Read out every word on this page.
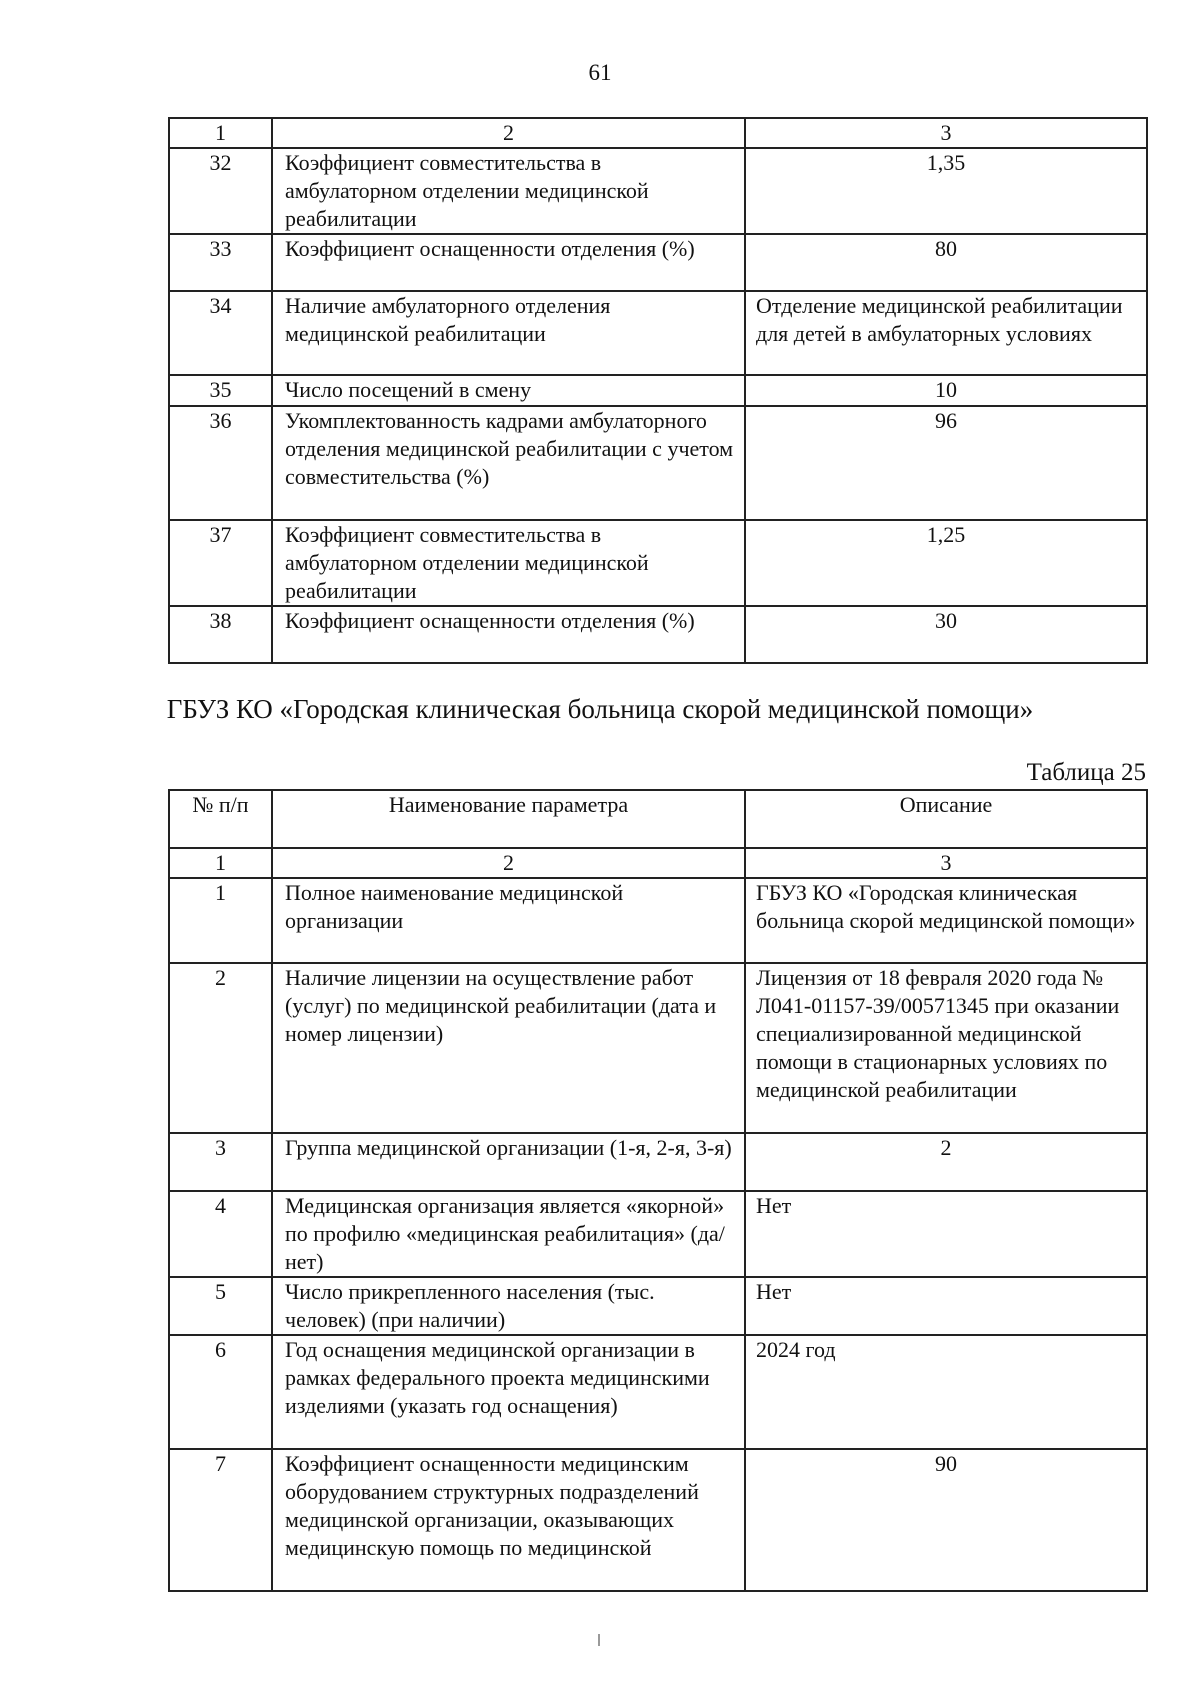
61
1	2	3
32	Коэффициент совместительства в амбулаторном отделении медицинской реабилитации	1,35
33	Коэффициент оснащенности отделения (%)	80
34	Наличие амбулаторного отделения медицинской реабилитации	Отделение медицинской реабилитации для детей в амбулаторных условиях
35	Число посещений в смену	10
36	Укомплектованность кадрами амбулаторного отделения медицинской реабилитации с учетом совместительства (%)	96
37	Коэффициент совместительства в амбулаторном отделении медицинской реабилитации	1,25
38	Коэффициент оснащенности отделения (%)	30
ГБУЗ КО «Городская клиническая больница скорой медицинской помощи»
Таблица 25
№ п/п	Наименование параметра	Описание
1	2	3
1	Полное наименование медицинской организации	ГБУЗ КО «Городская клиническая больница скорой медицинской помощи»
2	Наличие лицензии на осуществление работ (услуг) по медицинской реабилитации (дата и номер лицензии)	Лицензия от 18 февраля 2020 года № Л041-01157-39/00571345 при оказании специализированной медицинской помощи в стационарных условиях по медицинской реабилитации
3	Группа медицинской организации (1-я, 2-я, 3-я)	2
4	Медицинская организация является «якорной» по профилю «медицинская реабилитация» (да/нет)	Нет
5	Число прикрепленного населения (тыс. человек) (при наличии)	Нет
6	Год оснащения медицинской организации в рамках федерального проекта медицинскими изделиями (указать год оснащения)	2024 год
7	Коэффициент оснащенности медицинским оборудованием структурных подразделений медицинской организации, оказывающих медицинскую помощь по медицинской	90
